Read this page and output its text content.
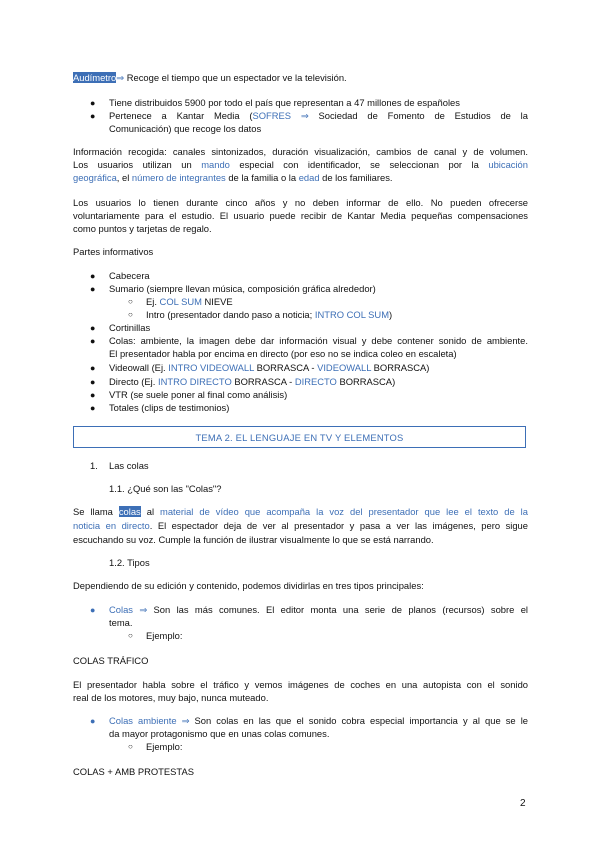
Audímetro⇒ Recoge el tiempo que un espectador ve la televisión.
● Tiene distribuidos 5900 por todo el país que representan a 47 millones de españoles
● Pertenece a Kantar Media (SOFRES ⇒ Sociedad de Fomento de Estudios de la
Comunicación) que recoge los datos
Información recogida: canales sintonizados, duración visualización, cambios de canal y de volumen.
Los usuarios utilizan un mando especial con identificador, se seleccionan por la ubicación
geográfica, el número de integrantes de la familia o la edad de los familiares.
Los usuarios lo tienen durante cinco años y no deben informar de ello. No pueden ofrecerse
voluntariamente para el estudio. El usuario puede recibir de Kantar Media pequeñas compensaciones
como puntos y tarjetas de regalo.
Partes informativos
● Cabecera
● Sumario (siempre llevan música, composición gráfica alrededor)
○ Ej. COL SUM NIEVE
○ Intro (presentador dando paso a noticia; INTRO COL SUM)
● Cortinillas
● Colas: ambiente, la imagen debe dar información visual y debe contener sonido de ambiente.
El presentador habla por encima en directo (por eso no se indica coleo en escaleta)
● Videowall (Ej. INTRO VIDEOWALL BORRASCA - VIDEOWALL BORRASCA)
● Directo (Ej. INTRO DIRECTO BORRASCA - DIRECTO BORRASCA)
● VTR (se suele poner al final como análisis)
● Totales (clips de testimonios)
TEMA 2. EL LENGUAJE EN TV Y ELEMENTOS
1. Las colas
1.1. ¿Qué son las "Colas"?
Se llama colas al material de vídeo que acompaña la voz del presentador que lee el texto de la
noticia en directo. El espectador deja de ver al presentador y pasa a ver las imágenes, pero sigue
escuchando su voz. Cumple la función de ilustrar visualmente lo que se está narrando.
1.2. Tipos
Dependiendo de su edición y contenido, podemos dividirlas en tres tipos principales:
● Colas ⇒ Son las más comunes. El editor monta una serie de planos (recursos) sobre el
tema.
○ Ejemplo:
COLAS TRÁFICO
El presentador habla sobre el tráfico y vemos imágenes de coches en una autopista con el sonido
real de los motores, muy bajo, nunca muteado.
● Colas ambiente ⇒ Son colas en las que el sonido cobra especial importancia y al que se le
da mayor protagonismo que en unas colas comunes.
○ Ejemplo:
COLAS + AMB PROTESTAS
2
